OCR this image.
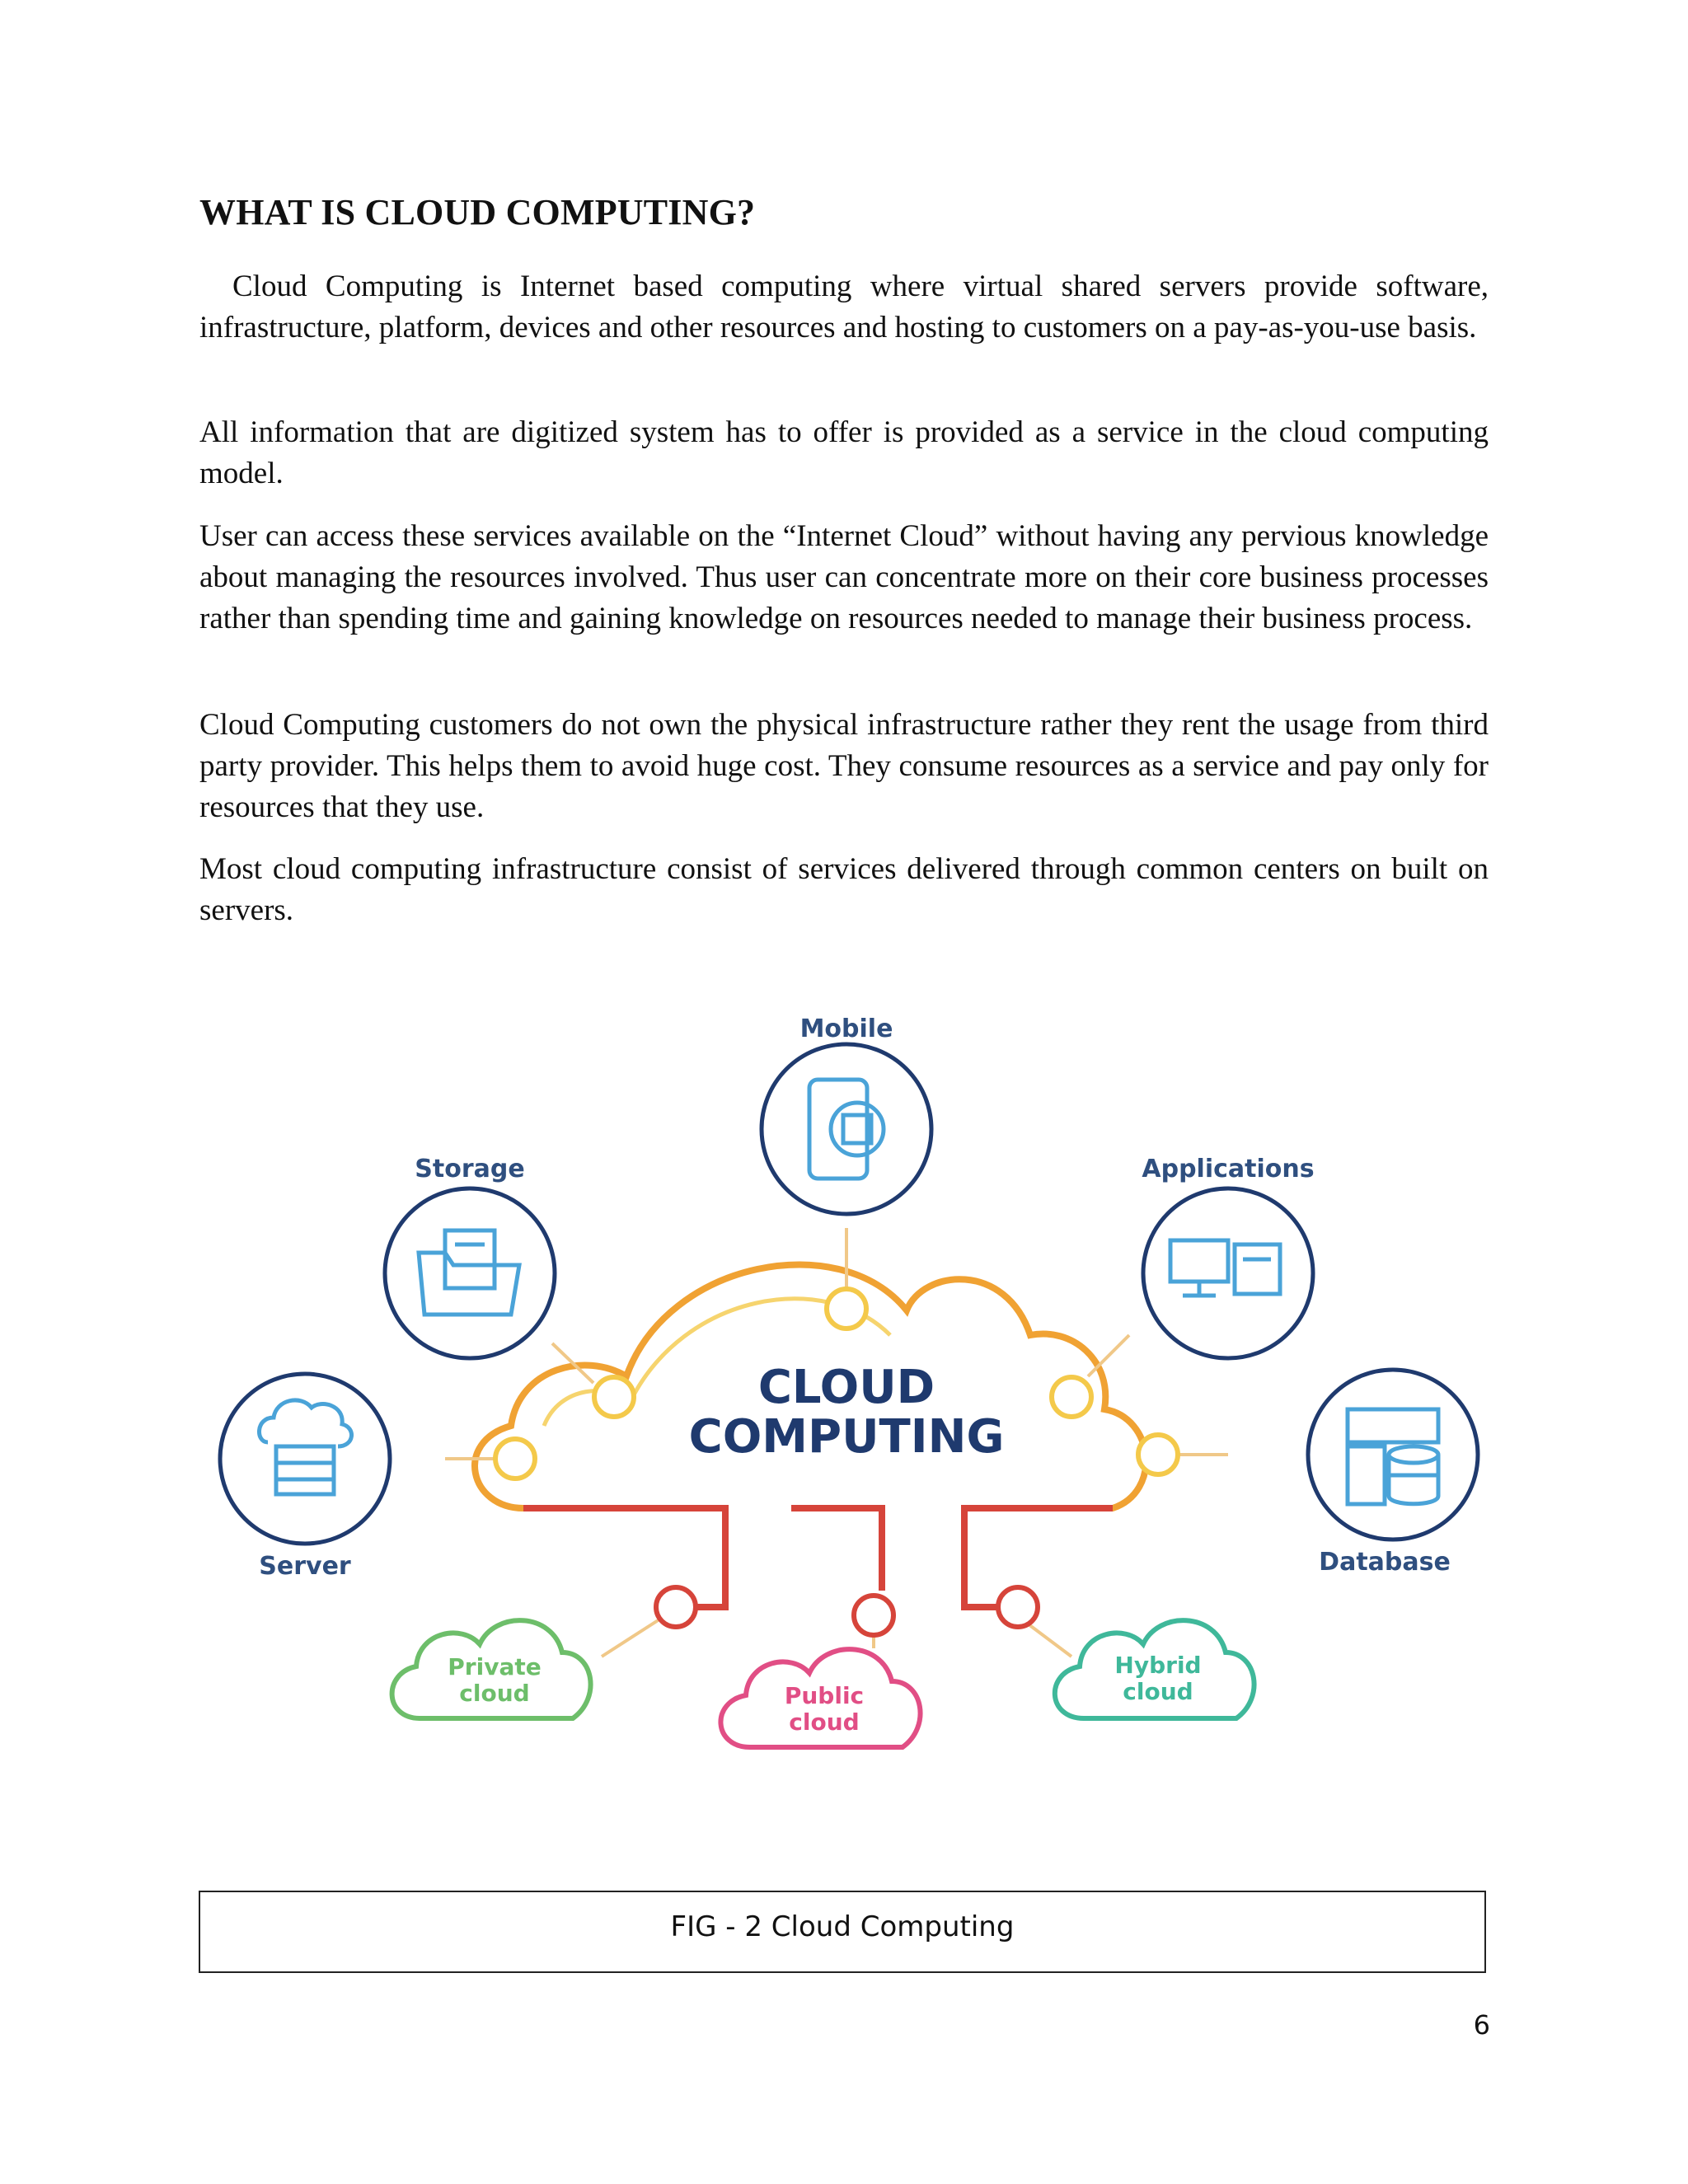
WHAT IS CLOUD COMPUTING?

Cloud Computing is Internet based computing where virtual shared servers provide software, infrastructure, platform, devices and other resources and hosting to customers on a pay-as-you-use basis.

All information that are digitized system has to offer is provided as a service in the cloud computing model.

User can access these services available on the “Internet Cloud” without having any pervious knowledge about managing the resources involved. Thus user can concentrate more on their core business processes rather than spending time and gaining knowledge on resources needed to manage their business process.

Cloud Computing customers do not own the physical infrastructure rather they rent the usage from third party provider. This helps them to avoid huge cost. They consume resources as a service and pay only for resources that they use.

Most cloud computing infrastructure consist of services delivered through common centers on built on servers.

CLOUD
COMPUTING
Mobile
Storage	Applications
Server	Database
Private
cloud	Public
cloud
Hybrid
cloud
FIG - 2 Cloud Computing
6
